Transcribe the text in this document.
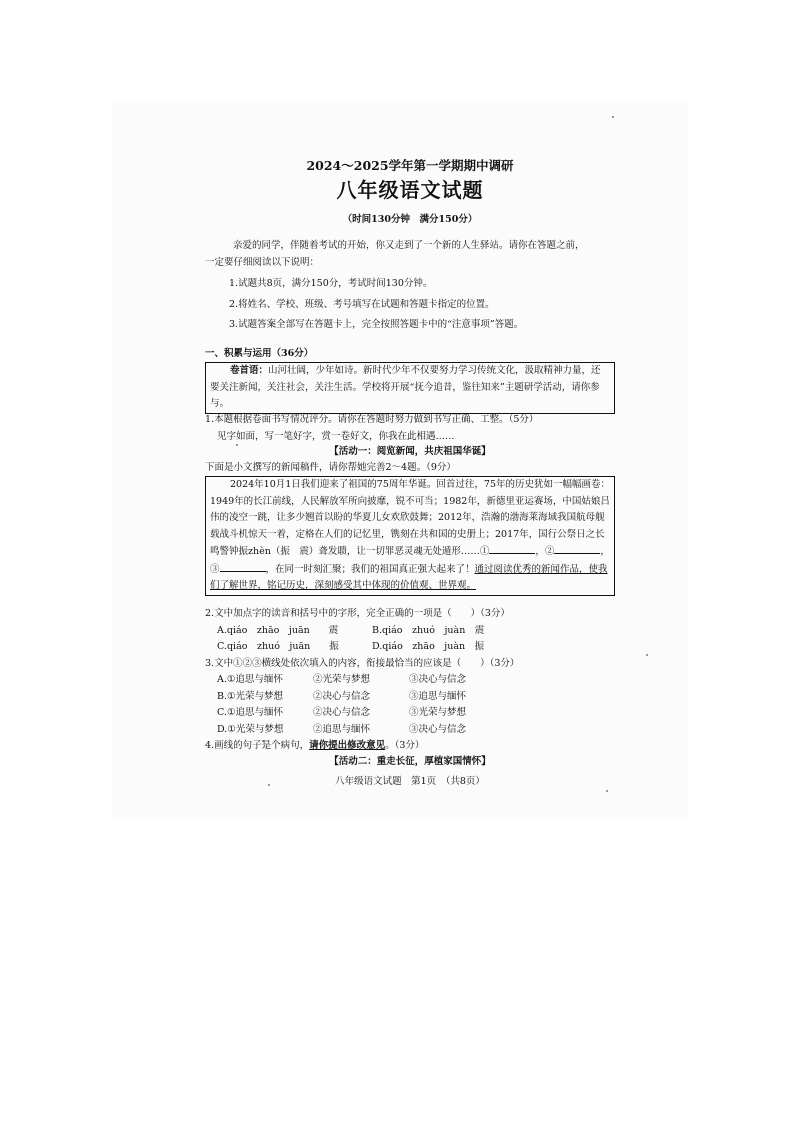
2024～2025学年第一学期期中调研
八年级语文试题
（时间130分钟　满分150分）

亲爱的同学，伴随着考试的开始，你又走到了一个新的人生驿站。请你在答题之前，

一定要仔细阅读以下说明：

1.试题共8页，满分150分，考试时间130分钟。
2.将姓名、学校、班级、考号填写在试题和答题卡指定的位置。
3.试题答案全部写在答题卡上，完全按照答题卡中的“注意事项”答题。
一、积累与运用（36分）

卷首语：山河壮阔，少年如诗。新时代少年不仅要努力学习传统文化，汲取精神力量，还要关注新闻，关注社会，关注生活。学校将开展“抚今追昔，鉴往知来”主题研学活动，请你参与。

1.本题根据卷面书写情况评分。请你在答题时努力做到书写正确、工整。（5分）
见字如面，写一笔好字，赏一卷好文，你我在此相遇……
【活动一：阅览新闻，共庆祖国华诞】
下面是小文撰写的新闻稿件，请你帮她完善2～4题。（9分）

2024年10月1日我们迎来了祖国的75周年华诞。回首过往，75年的历史犹如一幅幅画卷：1949年的长江前线，人民解放军所向披靡，锐不可当；1982年，新德里亚运赛场，中国姑娘吕伟的凌空一跳，让多少翘首以盼的华夏儿女欢欣鼓舞；2012年，浩瀚的渤海莱海域我国航母舰载战斗机惊天一着，定格在人们的记忆里，镌刻在共和国的史册上；2017年，国行公祭日之长鸣警钟振zhèn（振　震）聋发聩，让一切罪恶灵魂无处遁形……①	，②	，③	，在同一时刻汇聚；我们的祖国真正强大起来了！通过阅读优秀的新闻作品，使我们了解世界，铭记历史，深刻感受其中体现的价值观、世界观。

2.文中加点字的读音和括号中的字形，完全正确的一项是（　　）（3分）
A.qiáo　zhāo　juān　　震	B.qiáo　zhuó　juàn　震
C.qiáo　zhuó　juān　　振	D.qiáo　zhāo　juàn　振
3.文中①②③横线处依次填入的内容，衔接最恰当的应该是（　　）（3分）
A.①追思与缅怀	②光荣与梦想	③决心与信念
B.①光荣与梦想	②决心与信念	③追思与缅怀
C.①追思与缅怀	②决心与信念	③光荣与梦想
D.①光荣与梦想	②追思与缅怀	③决心与信念
4.画线的句子是个病句，请你提出修改意见。（3分）
【活动二：重走长征，厚植家国情怀】
八年级语文试题　第1页　（共8页）
